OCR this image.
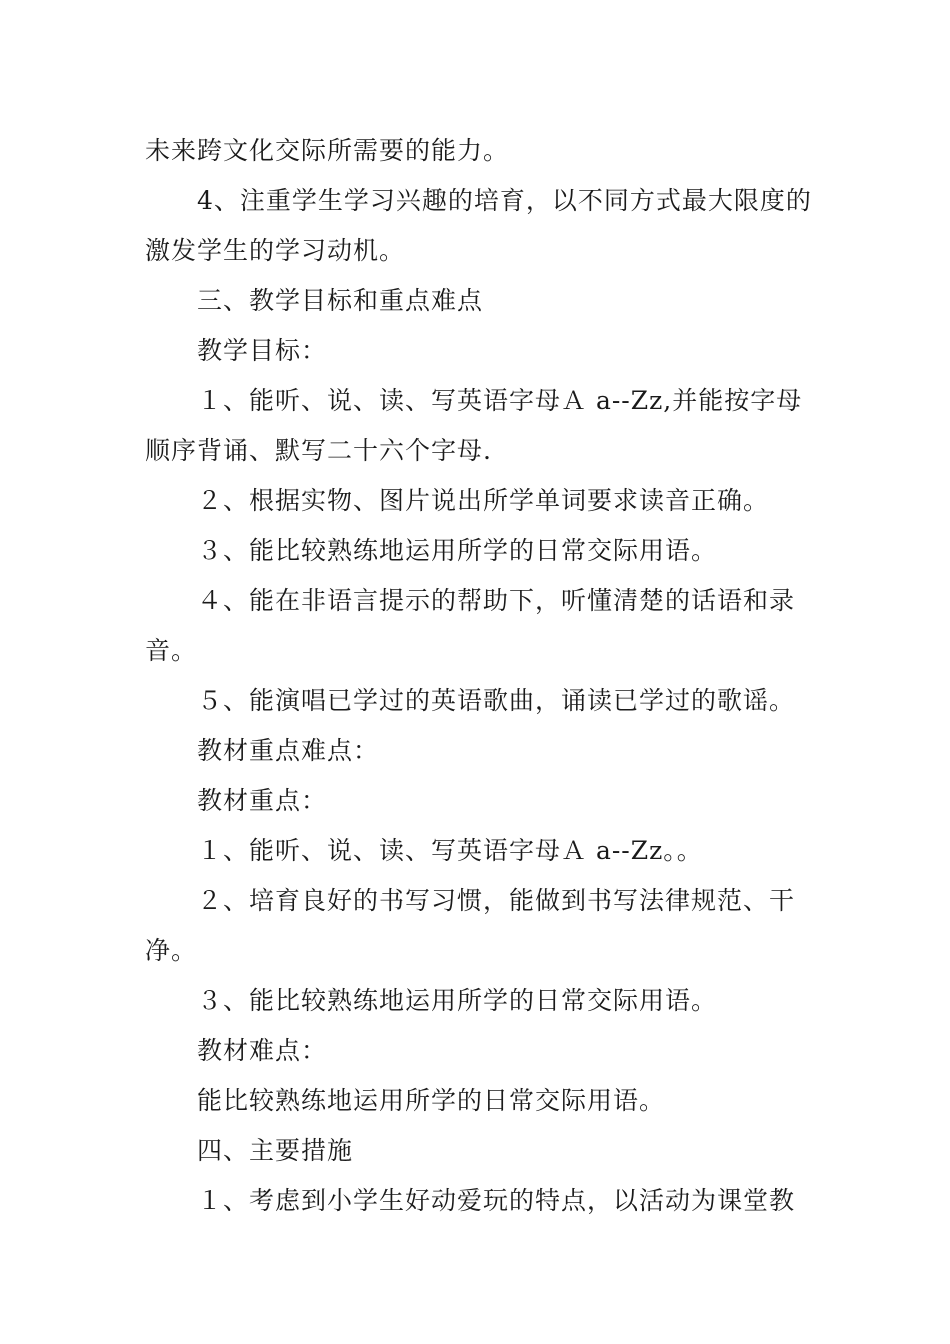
未来跨文化交际所需要的能力。
4、注重学生学习兴趣的培育，以不同方式最大限度的
激发学生的学习动机。
三、教学目标和重点难点
教学目标：
１、能听、说、读、写英语字母Ａ a--Zz,并能按字母
顺序背诵、默写二十六个字母.
２、根据实物、图片说出所学单词要求读音正确。
３、能比较熟练地运用所学的日常交际用语。
４、能在非语言提示的帮助下，听懂清楚的话语和录
音。
５、能演唱已学过的英语歌曲，诵读已学过的歌谣。
教材重点难点：
教材重点：
１、能听、说、读、写英语字母Ａ a--Zz。。
２、培育良好的书写习惯，能做到书写法律规范、干
净。
３、能比较熟练地运用所学的日常交际用语。
教材难点：
能比较熟练地运用所学的日常交际用语。
四、主要措施
１、考虑到小学生好动爱玩的特点，以活动为课堂教
